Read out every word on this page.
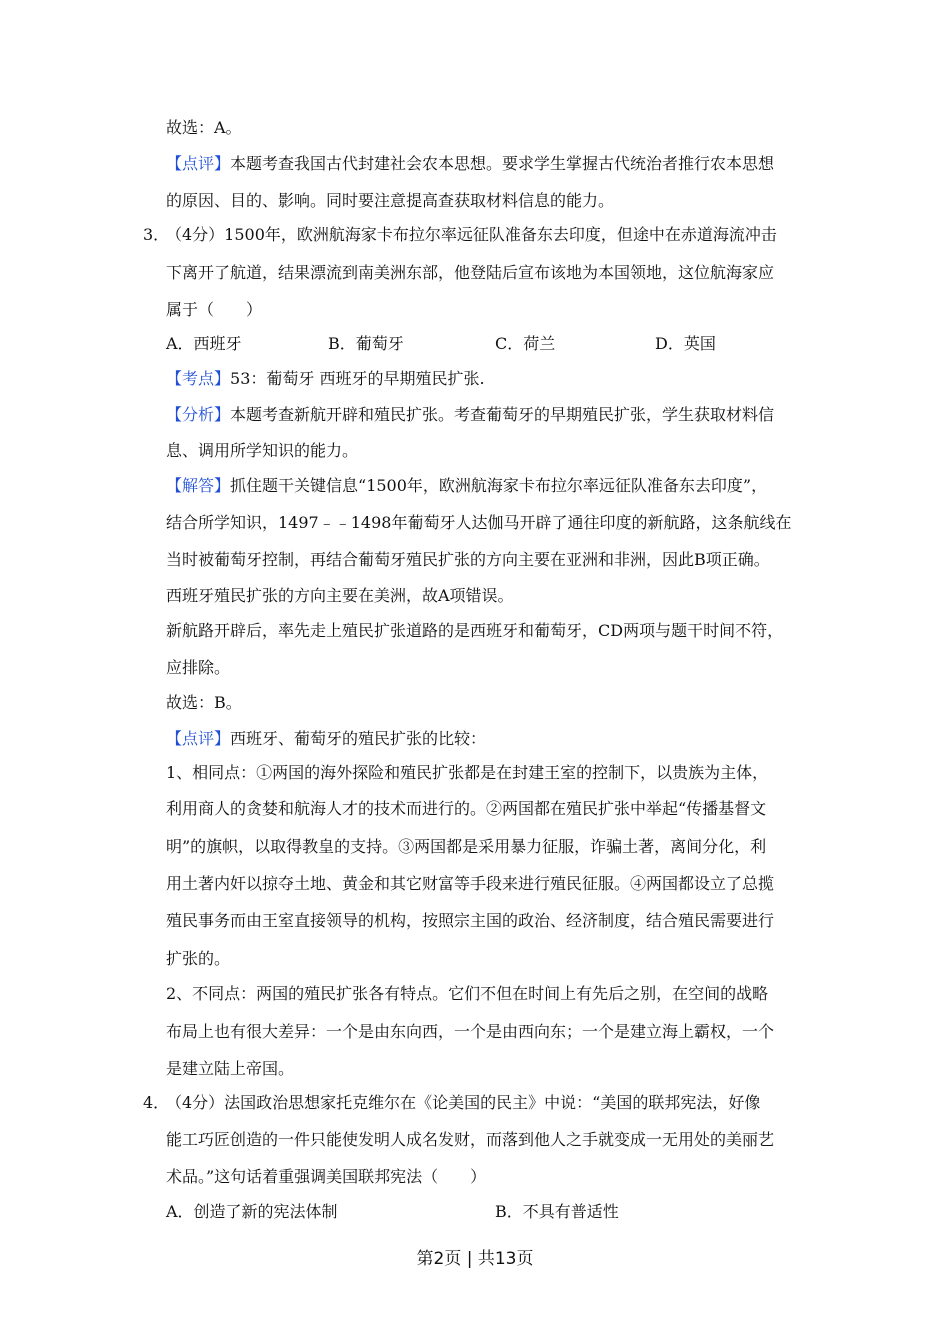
故选：A。
【点评】本题考查我国古代封建社会农本思想。要求学生掌握古代统治者推行农本思想
的原因、目的、影响。同时要注意提高查获取材料信息的能力。
3．
（4分）1500年，欧洲航海家卡布拉尔率远征队准备东去印度，但途中在赤道海流冲击
下离开了航道，结果漂流到南美洲东部，他登陆后宣布该地为本国领地，这位航海家应
属于（　　）
A．西班牙	B．葡萄牙	C．荷兰	D．英国
【考点】53：葡萄牙 西班牙的早期殖民扩张.
【分析】本题考查新航开辟和殖民扩张。考查葡萄牙的早期殖民扩张，学生获取材料信
息、调用所学知识的能力。
【解答】抓住题干关键信息“1500年，欧洲航海家卡布拉尔率远征队准备东去印度”，
结合所学知识，1497﹣﹣1498年葡萄牙人达伽马开辟了通往印度的新航路，这条航线在
当时被葡萄牙控制，再结合葡萄牙殖民扩张的方向主要在亚洲和非洲，因此B项正确。
西班牙殖民扩张的方向主要在美洲，故A项错误。
新航路开辟后，率先走上殖民扩张道路的是西班牙和葡萄牙，CD两项与题干时间不符，
应排除。
故选：B。
【点评】西班牙、葡萄牙的殖民扩张的比较：
1、相同点：①两国的海外探险和殖民扩张都是在封建王室的控制下，以贵族为主体，
利用商人的贪婪和航海人才的技术而进行的。②两国都在殖民扩张中举起“传播基督文
明”的旗帜，以取得教皇的支持。③两国都是采用暴力征服，诈骗土著，离间分化，利
用土著内奸以掠夺土地、黄金和其它财富等手段来进行殖民征服。④两国都设立了总揽
殖民事务而由王室直接领导的机构，按照宗主国的政治、经济制度，结合殖民需要进行
扩张的。
2、不同点：两国的殖民扩张各有特点。它们不但在时间上有先后之别，在空间的战略
布局上也有很大差异：一个是由东向西，一个是由西向东；一个是建立海上霸权，一个
是建立陆上帝国。
4．
（4分）法国政治思想家托克维尔在《论美国的民主》中说：“美国的联邦宪法，好像
能工巧匠创造的一件只能使发明人成名发财，而落到他人之手就变成一无用处的美丽艺
术品。”这句话着重强调美国联邦宪法（　　）
A．创造了新的宪法体制	B．不具有普适性
第2页 | 共13页
